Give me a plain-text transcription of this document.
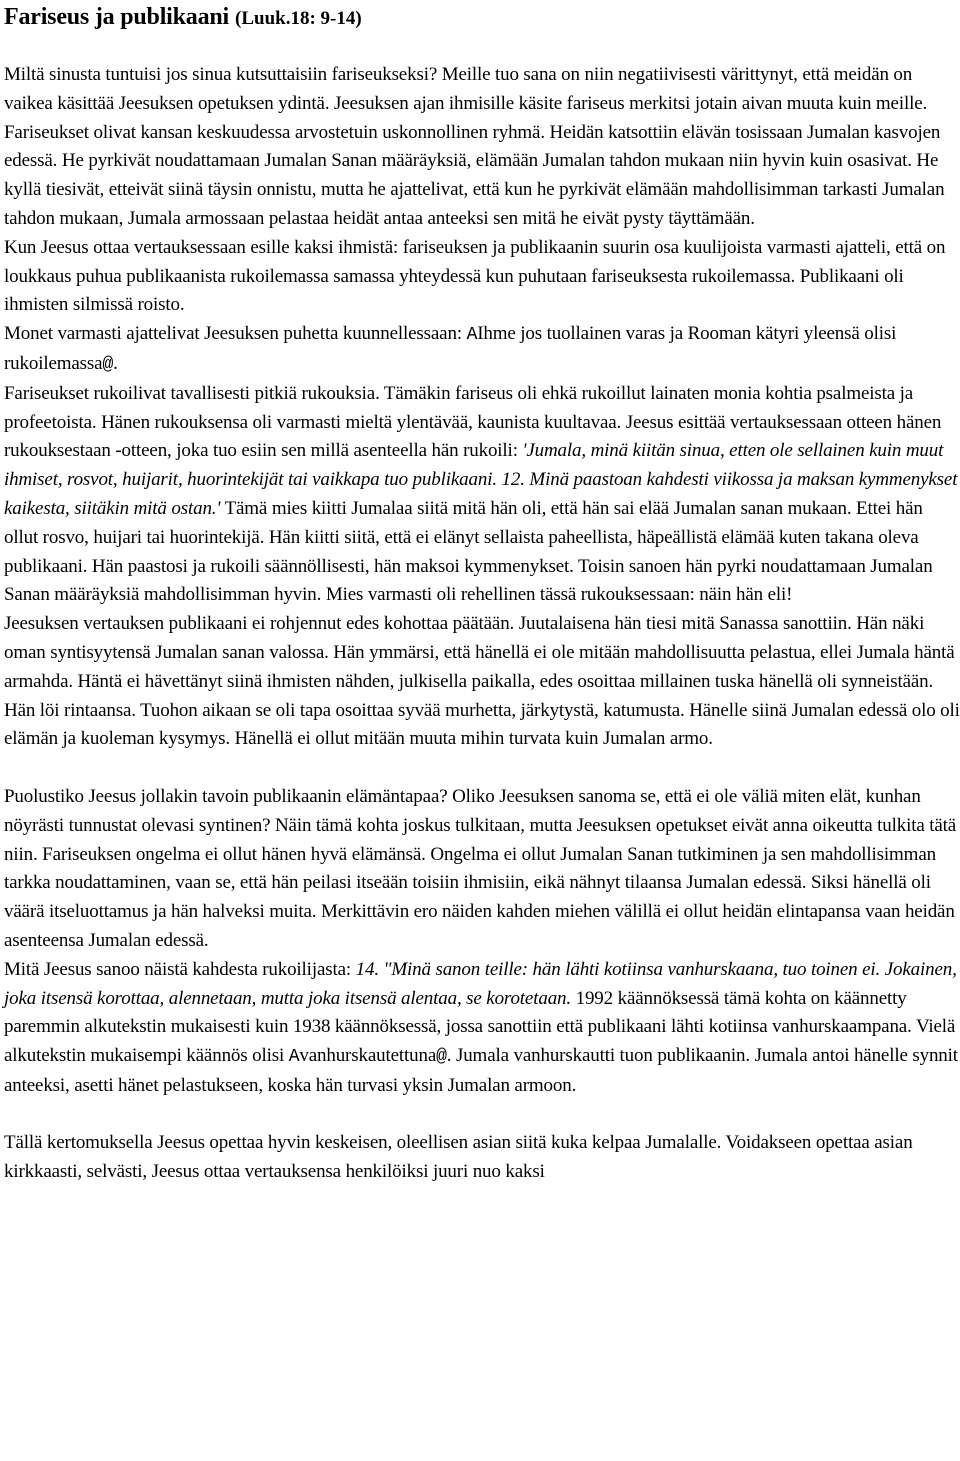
Fariseus ja publikaani (Luuk.18: 9-14)

Miltä sinusta tuntuisi jos sinua kutsuttaisiin fariseukseksi? Meille tuo sana on niin negatiivisesti värittynyt, että meidän on vaikea käsittää Jeesuksen opetuksen ydintä. Jeesuksen ajan ihmisille käsite fariseus merkitsi jotain aivan muuta kuin meille. Fariseukset olivat kansan keskuudessa arvostetuin uskonnollinen ryhmä. Heidän katsottiin elävän tosissaan Jumalan kasvojen edessä. He pyrkivät noudattamaan Jumalan Sanan määräyksiä, elämään Jumalan tahdon mukaan niin hyvin kuin osasivat. He kyllä tiesivät, etteivät siinä täysin onnistu, mutta he ajattelivat, että kun he pyrkivät elämään mahdollisimman tarkasti Jumalan tahdon mukaan, Jumala armossaan pelastaa heidät antaa anteeksi sen mitä he eivät pysty täyttämään.

Kun Jeesus ottaa vertauksessaan esille kaksi ihmistä: fariseuksen ja publikaanin suurin osa kuulijoista varmasti ajatteli, että on loukkaus puhua publikaanista rukoilemassa samassa yhteydessä kun puhutaan fariseuksesta rukoilemassa. Publikaani oli ihmisten silmissä roisto.

Monet varmasti ajattelivat Jeesuksen puhetta kuunnellessaan: AIhme jos tuollainen varas ja Rooman kätyri yleensä olisi rukoilemassa@.

Fariseukset rukoilivat tavallisesti pitkiä rukouksia. Tämäkin fariseus oli ehkä rukoillut lainaten monia kohtia psalmeista ja profeetoista. Hänen rukouksensa oli varmasti mieltä ylentävää, kaunista kuultavaa. Jeesus esittää vertauksessaan otteen hänen rukouksestaan -otteen, joka tuo esiin sen millä asenteella hän rukoili: 'Jumala, minä kiitän sinua, etten ole sellainen kuin muut ihmiset, rosvot, huijarit, huorintekijät tai vaikkapa tuo publikaani. 12. Minä paastoan kahdesti viikossa ja maksan kymmenykset kaikesta, siitäkin mitä ostan.' Tämä mies kiitti Jumalaa siitä mitä hän oli, että hän sai elää Jumalan sanan mukaan. Ettei hän ollut rosvo, huijari tai huorintekijä. Hän kiitti siitä, että ei elänyt sellaista paheellista, häpeällistä elämää kuten takana oleva publikaani. Hän paastosi ja rukoili säännöllisesti, hän maksoi kymmenykset. Toisin sanoen hän pyrki noudattamaan Jumalan Sanan määräyksiä mahdollisimman hyvin. Mies varmasti oli rehellinen tässä rukouksessaan: näin hän eli!

Jeesuksen vertauksen publikaani ei rohjennut edes kohottaa päätään. Juutalaisena hän tiesi mitä Sanassa sanottiin. Hän näki oman syntisyytensä Jumalan sanan valossa. Hän ymmärsi, että hänellä ei ole mitään mahdollisuutta pelastua, ellei Jumala häntä armahda. Häntä ei hävettänyt siinä ihmisten nähden, julkisella paikalla, edes osoittaa millainen tuska hänellä oli synneistään. Hän löi rintaansa. Tuohon aikaan se oli tapa osoittaa syvää murhetta, järkytystä, katumusta. Hänelle siinä Jumalan edessä olo oli elämän ja kuoleman kysymys. Hänellä ei ollut mitään muuta mihin turvata kuin Jumalan armo.

Puolustiko Jeesus jollakin tavoin publikaanin elämäntapaa? Oliko Jeesuksen sanoma se, että ei ole väliä miten elät, kunhan nöyrästi tunnustat olevasi syntinen? Näin tämä kohta joskus tulkitaan, mutta Jeesuksen opetukset eivät anna oikeutta tulkita tätä niin. Fariseuksen ongelma ei ollut hänen hyvä elämänsä. Ongelma ei ollut Jumalan Sanan tutkiminen ja sen mahdollisimman tarkka noudattaminen, vaan se, että hän peilasi itseään toisiin ihmisiin, eikä nähnyt tilaansa Jumalan edessä. Siksi hänellä oli väärä itseluottamus ja hän halveksi muita. Merkittävin ero näiden kahden miehen välillä ei ollut heidän elintapansa vaan heidän asenteensa Jumalan edessä.

Mitä Jeesus sanoo näistä kahdesta rukoilijasta: 14. "Minä sanon teille: hän lähti kotiinsa vanhurskaana, tuo toinen ei. Jokainen, joka itsensä korottaa, alennetaan, mutta joka itsensä alentaa, se korotetaan. 1992 käännöksessä tämä kohta on käännetty paremmin alkutekstin mukaisesti kuin 1938 käännöksessä, jossa sanottiin että publikaani lähti kotiinsa vanhurskaampana. Vielä alkutekstin mukaisempi käännös olisi Avanhurskautettuna@. Jumala vanhurskautti tuon publikaanin. Jumala antoi hänelle synnit anteeksi, asetti hänet pelastukseen, koska hän turvasi yksin Jumalan armoon.

Tällä kertomuksella Jeesus opettaa hyvin keskeisen, oleellisen asian siitä kuka kelpaa Jumalalle. Voidakseen opettaa asian kirkkaasti, selvästi, Jeesus ottaa vertauksensa henkilöiksi juuri nuo kaksi
